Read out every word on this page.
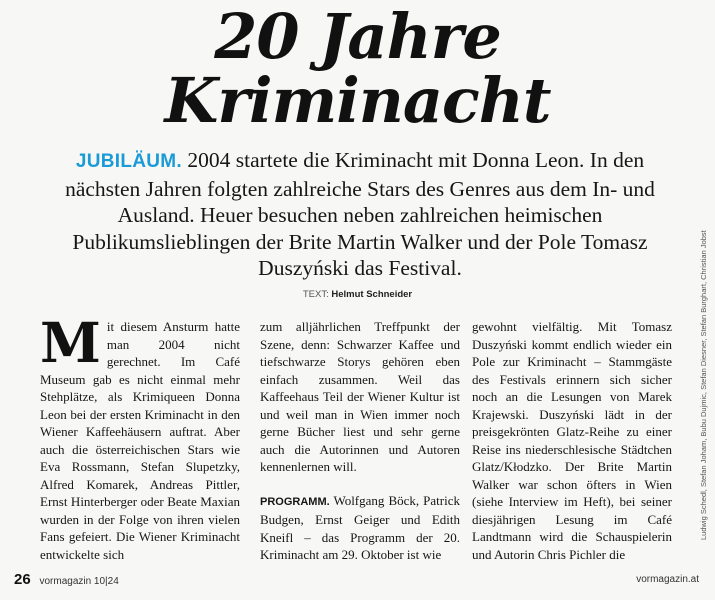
20 Jahre
Kriminacht
JUBILÄUM. 2004 startete die Kriminacht mit Donna Leon. In den nächsten Jahren folgten zahlreiche Stars des Genres aus dem In- und Ausland. Heuer besuchen neben zahlreichen heimischen Publikumslieblingen der Brite Martin Walker und der Pole Tomasz Duszyński das Festival.
TEXT: Helmut Schneider
Mit diesem Ansturm hatte man 2004 nicht gerechnet. Im Café Museum gab es nicht einmal mehr Stehplätze, als Krimiqueen Donna Leon bei der ersten Kriminacht in den Wiener Kaffeehäusern auftrat. Aber auch die österreichischen Stars wie Eva Rossmann, Stefan Slupetzky, Alfred Komarek, Andreas Pittler, Ernst Hinterberger oder Beate Maxian wurden in der Folge von ihren vielen Fans gefeiert. Die Wiener Kriminacht entwickelte sich
zum alljährlichen Treffpunkt der Szene, denn: Schwarzer Kaffee und tiefschwarze Storys gehören eben einfach zusammen. Weil das Kaffeehaus Teil der Wiener Kultur ist und weil man in Wien immer noch gerne Bücher liest und sehr gerne auch die Autorinnen und Autoren kennenlernen will.
PROGRAMM. Wolfgang Böck, Patrick Budgen, Ernst Geiger und Edith Kneifl – das Programm der 20. Kriminacht am 29. Oktober ist wie
gewohnt vielfältig. Mit Tomasz Duszyński kommt endlich wieder ein Pole zur Kriminacht – Stammgäste des Festivals erinnern sich sicher noch an die Lesungen von Marek Krajewski. Duszyński lädt in der preisgekrönten Glatz-Reihe zu einer Reise ins niederschlesische Städtchen Glatz/Kłodzko. Der Brite Martin Walker war schon öfters in Wien (siehe Interview im Heft), bei seiner diesjährigen Lesung im Café Landtmann wird die Schauspielerin und Autorin Chris Pichler die
Ludwig Schedl, Stefan Joham, Bubu Dujmic, Stefan Diesner, Stefan Burghart, Christian Jobst
26 vormagazin 10|24	vormagazin.at
